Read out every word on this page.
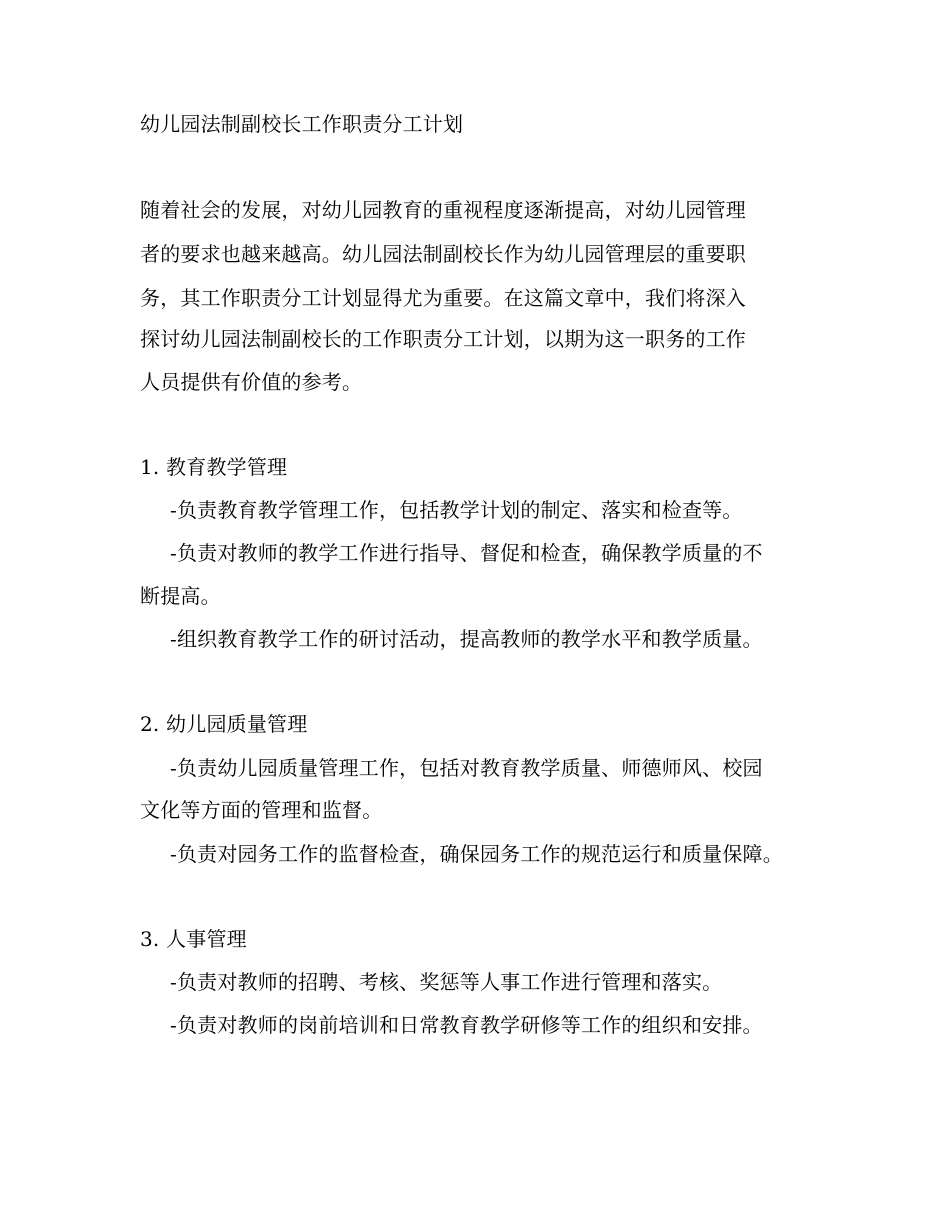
幼儿园法制副校长工作职责分工计划
随着社会的发展，对幼儿园教育的重视程度逐渐提高，对幼儿园管理
者的要求也越来越高。幼儿园法制副校长作为幼儿园管理层的重要职
务，其工作职责分工计划显得尤为重要。在这篇文章中，我们将深入
探讨幼儿园法制副校长的工作职责分工计划，以期为这一职务的工作
人员提供有价值的参考。
1. 教育教学管理
-负责教育教学管理工作，包括教学计划的制定、落实和检查等。
-负责对教师的教学工作进行指导、督促和检查，确保教学质量的不
断提高。
-组织教育教学工作的研讨活动，提高教师的教学水平和教学质量。
2. 幼儿园质量管理
-负责幼儿园质量管理工作，包括对教育教学质量、师德师风、校园
文化等方面的管理和监督。
-负责对园务工作的监督检查，确保园务工作的规范运行和质量保障。
3. 人事管理
-负责对教师的招聘、考核、奖惩等人事工作进行管理和落实。
-负责对教师的岗前培训和日常教育教学研修等工作的组织和安排。
